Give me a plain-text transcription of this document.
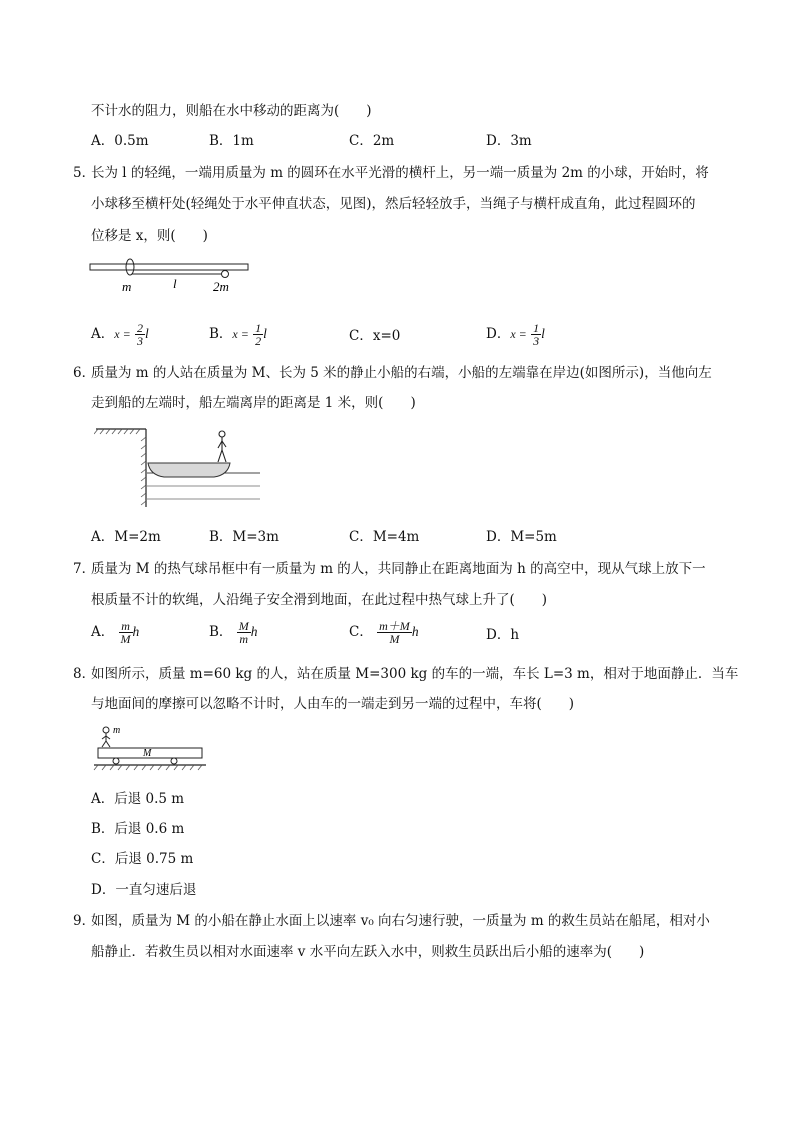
不计水的阻力，则船在水中移动的距离为(　　)
A．0.5m	B．1m	C．2m	D．3m
5．
长为 l 的轻绳，一端用质量为 m 的圆环在水平光滑的横杆上，另一端一质量为 2m 的小球，开始时，将
小球移至横杆处(轻绳处于水平伸直状态，见图)，然后轻轻放手，当绳子与横杆成直角，此过程圆环的
位移是 x，则(　　)
m	l	2m
A．$x = \frac{2}{3}$ l	B．$x = \frac{1}{2}$ l	C．x=0	D．$x = \frac{1}{3}$ l
6．
质量为 m 的人站在质量为 M、长为 5 米的静止小船的右端，小船的左端靠在岸边(如图所示)，当他向左
走到船的左端时，船左端离岸的距离是 1 米，则(　　)
A．M=2m	B．M=3m	C．M=4m	D．M=5m
7．
质量为 M 的热气球吊框中有一质量为 m 的人，共同静止在距离地面为 h 的高空中，现从气球上放下一
根质量不计的软绳，人沿绳子安全滑到地面，在此过程中热气球上升了(　　)
A． $\frac{m}{M}$ h	B． $\frac{M}{m}$ h	C． $\frac{m+M}{M}$ h	D．h
8．
如图所示，质量 m=60 kg 的人，站在质量 M=300 kg 的车的一端，车长 L=3 m，相对于地面静止．当车
与地面间的摩擦可以忽略不计时，人由车的一端走到另一端的过程中，车将(　　)
m
M
A．后退 0.5 m
B．后退 0.6 m
C．后退 0.75 m
D．一直匀速后退
9．
如图，质量为 M 的小船在静止水面上以速率 v₀ 向右匀速行驶，一质量为 m 的救生员站在船尾，相对小
船静止．若救生员以相对水面速率 v 水平向左跃入水中，则救生员跃出后小船的速率为(　　)
